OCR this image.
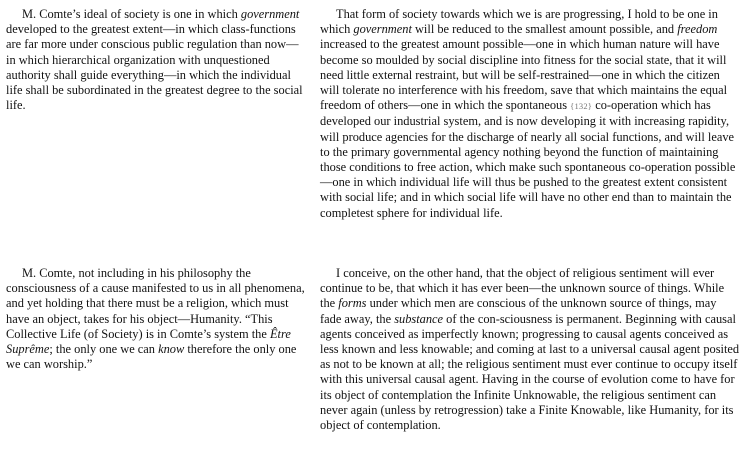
M. Comte’s ideal of society is one in which government developed to the greatest extent—in which class-functions are far more under conscious public regulation than now—in which hierarchical organization with unquestioned authority shall guide everything—in which the individual life shall be subordinated in the greatest degree to the social life.

That form of society towards which we is are progressing, I hold to be one in which government will be reduced to the smallest amount possible, and freedom increased to the greatest amount possible—one in which human nature will have become so moulded by social discipline into fitness for the social state, that it will need little external restraint, but will be self-restrained—one in which the citizen will tolerate no interference with his freedom, save that which maintains the equal freedom of others—one in which the spontaneous {132} co-operation which has developed our industrial system, and is now developing it with increasing rapidity, will produce agencies for the discharge of nearly all social functions, and will leave to the primary governmental agency nothing beyond the function of maintaining those conditions to free action, which make such spontaneous co-operation possible—one in which individual life will thus be pushed to the greatest extent consistent with social life; and in which social life will have no other end than to maintain the completest sphere for individual life.

M. Comte, not including in his philosophy the consciousness of a cause manifested to us in all phenomena, and yet holding that there must be a religion, which must have an object, takes for his object—Humanity. “This Collective Life (of Society) is in Comte’s system the Être Suprême; the only one we can know therefore the only one we can worship.”

I conceive, on the other hand, that the object of religious sentiment will ever continue to be, that which it has ever been—the unknown source of things. While the forms under which men are conscious of the unknown source of things, may fade away, the substance of the con-sciousness is permanent. Beginning with causal agents conceived as imperfectly known; progressing to causal agents conceived as less known and less knowable; and coming at last to a universal causal agent posited as not to be known at all; the religious sentiment must ever continue to occupy itself with this universal causal agent. Having in the course of evolution come to have for its object of contemplation the Infinite Unknowable, the religious sentiment can never again (unless by retrogression) take a Finite Knowable, like Humanity, for its object of contemplation.
